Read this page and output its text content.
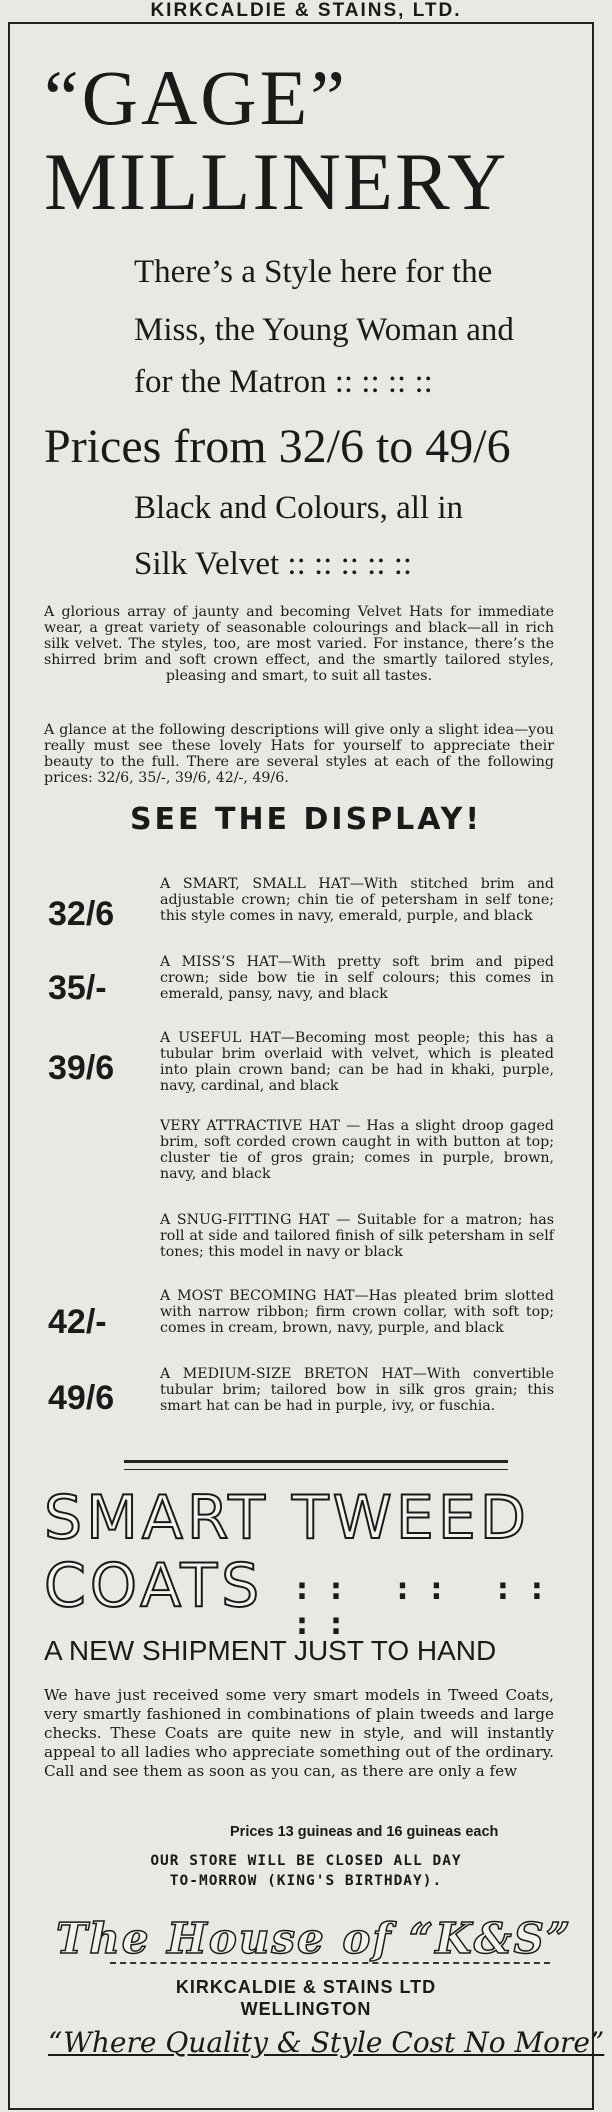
KIRKCALDIE & STAINS, LTD.
“GAGE”
MILLINERY
There’s a Style here for the
Miss, the Young Woman and
for the Matron :: :: :: ::
Prices from 32/6 to 49/6
Black and Colours, all in
Silk Velvet :: :: :: :: ::
A glorious array of jaunty and becoming Velvet Hats for immediate wear, a great variety of seasonable colourings and black—all in rich silk velvet. The styles, too, are most varied. For instance, there’s the shirred brim and soft crown effect, and the smartly tailored styles, pleasing and smart, to suit all tastes.
A glance at the following descriptions will give only a slight idea—you really must see these lovely Hats for yourself to appreciate their beauty to the full. There are several styles at each of the following prices: 32/6, 35/-, 39/6, 42/-, 49/6.
SEE THE DISPLAY!
32/6
35/-
39/6
42/-
49/6
A SMART, SMALL HAT—With stitched brim and adjustable crown; chin tie of petersham in self tone; this style comes in navy, emerald, purple, and black
A MISS’S HAT—With pretty soft brim and piped crown; side bow tie in self colours; this comes in emerald, pansy, navy, and black
A USEFUL HAT—Becoming most people; this has a tubular brim overlaid with velvet, which is pleated into plain crown band; can be had in khaki, purple, navy, cardinal, and black
VERY ATTRACTIVE HAT — Has a slight droop gaged brim, soft corded crown caught in with button at top; cluster tie of gros grain; comes in purple, brown, navy, and black
A SNUG-FITTING HAT — Suitable for a matron; has roll at side and tailored finish of silk petersham in self tones; this model in navy or black
A MOST BECOMING HAT—Has pleated brim slotted with narrow ribbon; firm crown collar, with soft top; comes in cream, brown, navy, purple, and black
A MEDIUM-SIZE BRETON HAT—With convertible tubular brim; tailored bow in silk gros grain; this smart hat can be had in purple, ivy, or fuschia.
SMART TWEED
COATS :: :: :: ::
A NEW SHIPMENT JUST TO HAND
We have just received some very smart models in Tweed Coats, very smartly fashioned in combinations of plain tweeds and large checks. These Coats are quite new in style, and will instantly appeal to all ladies who appreciate something out of the ordinary. Call and see them as soon as you can, as there are only a few
Prices 13 guineas and 16 guineas each
OUR STORE WILL BE CLOSED ALL DAY
TO-MORROW (KING'S BIRTHDAY).
The House of “K&S”
KIRKCALDIE & STAINS LTD
WELLINGTON
“Where Quality & Style Cost No More”
